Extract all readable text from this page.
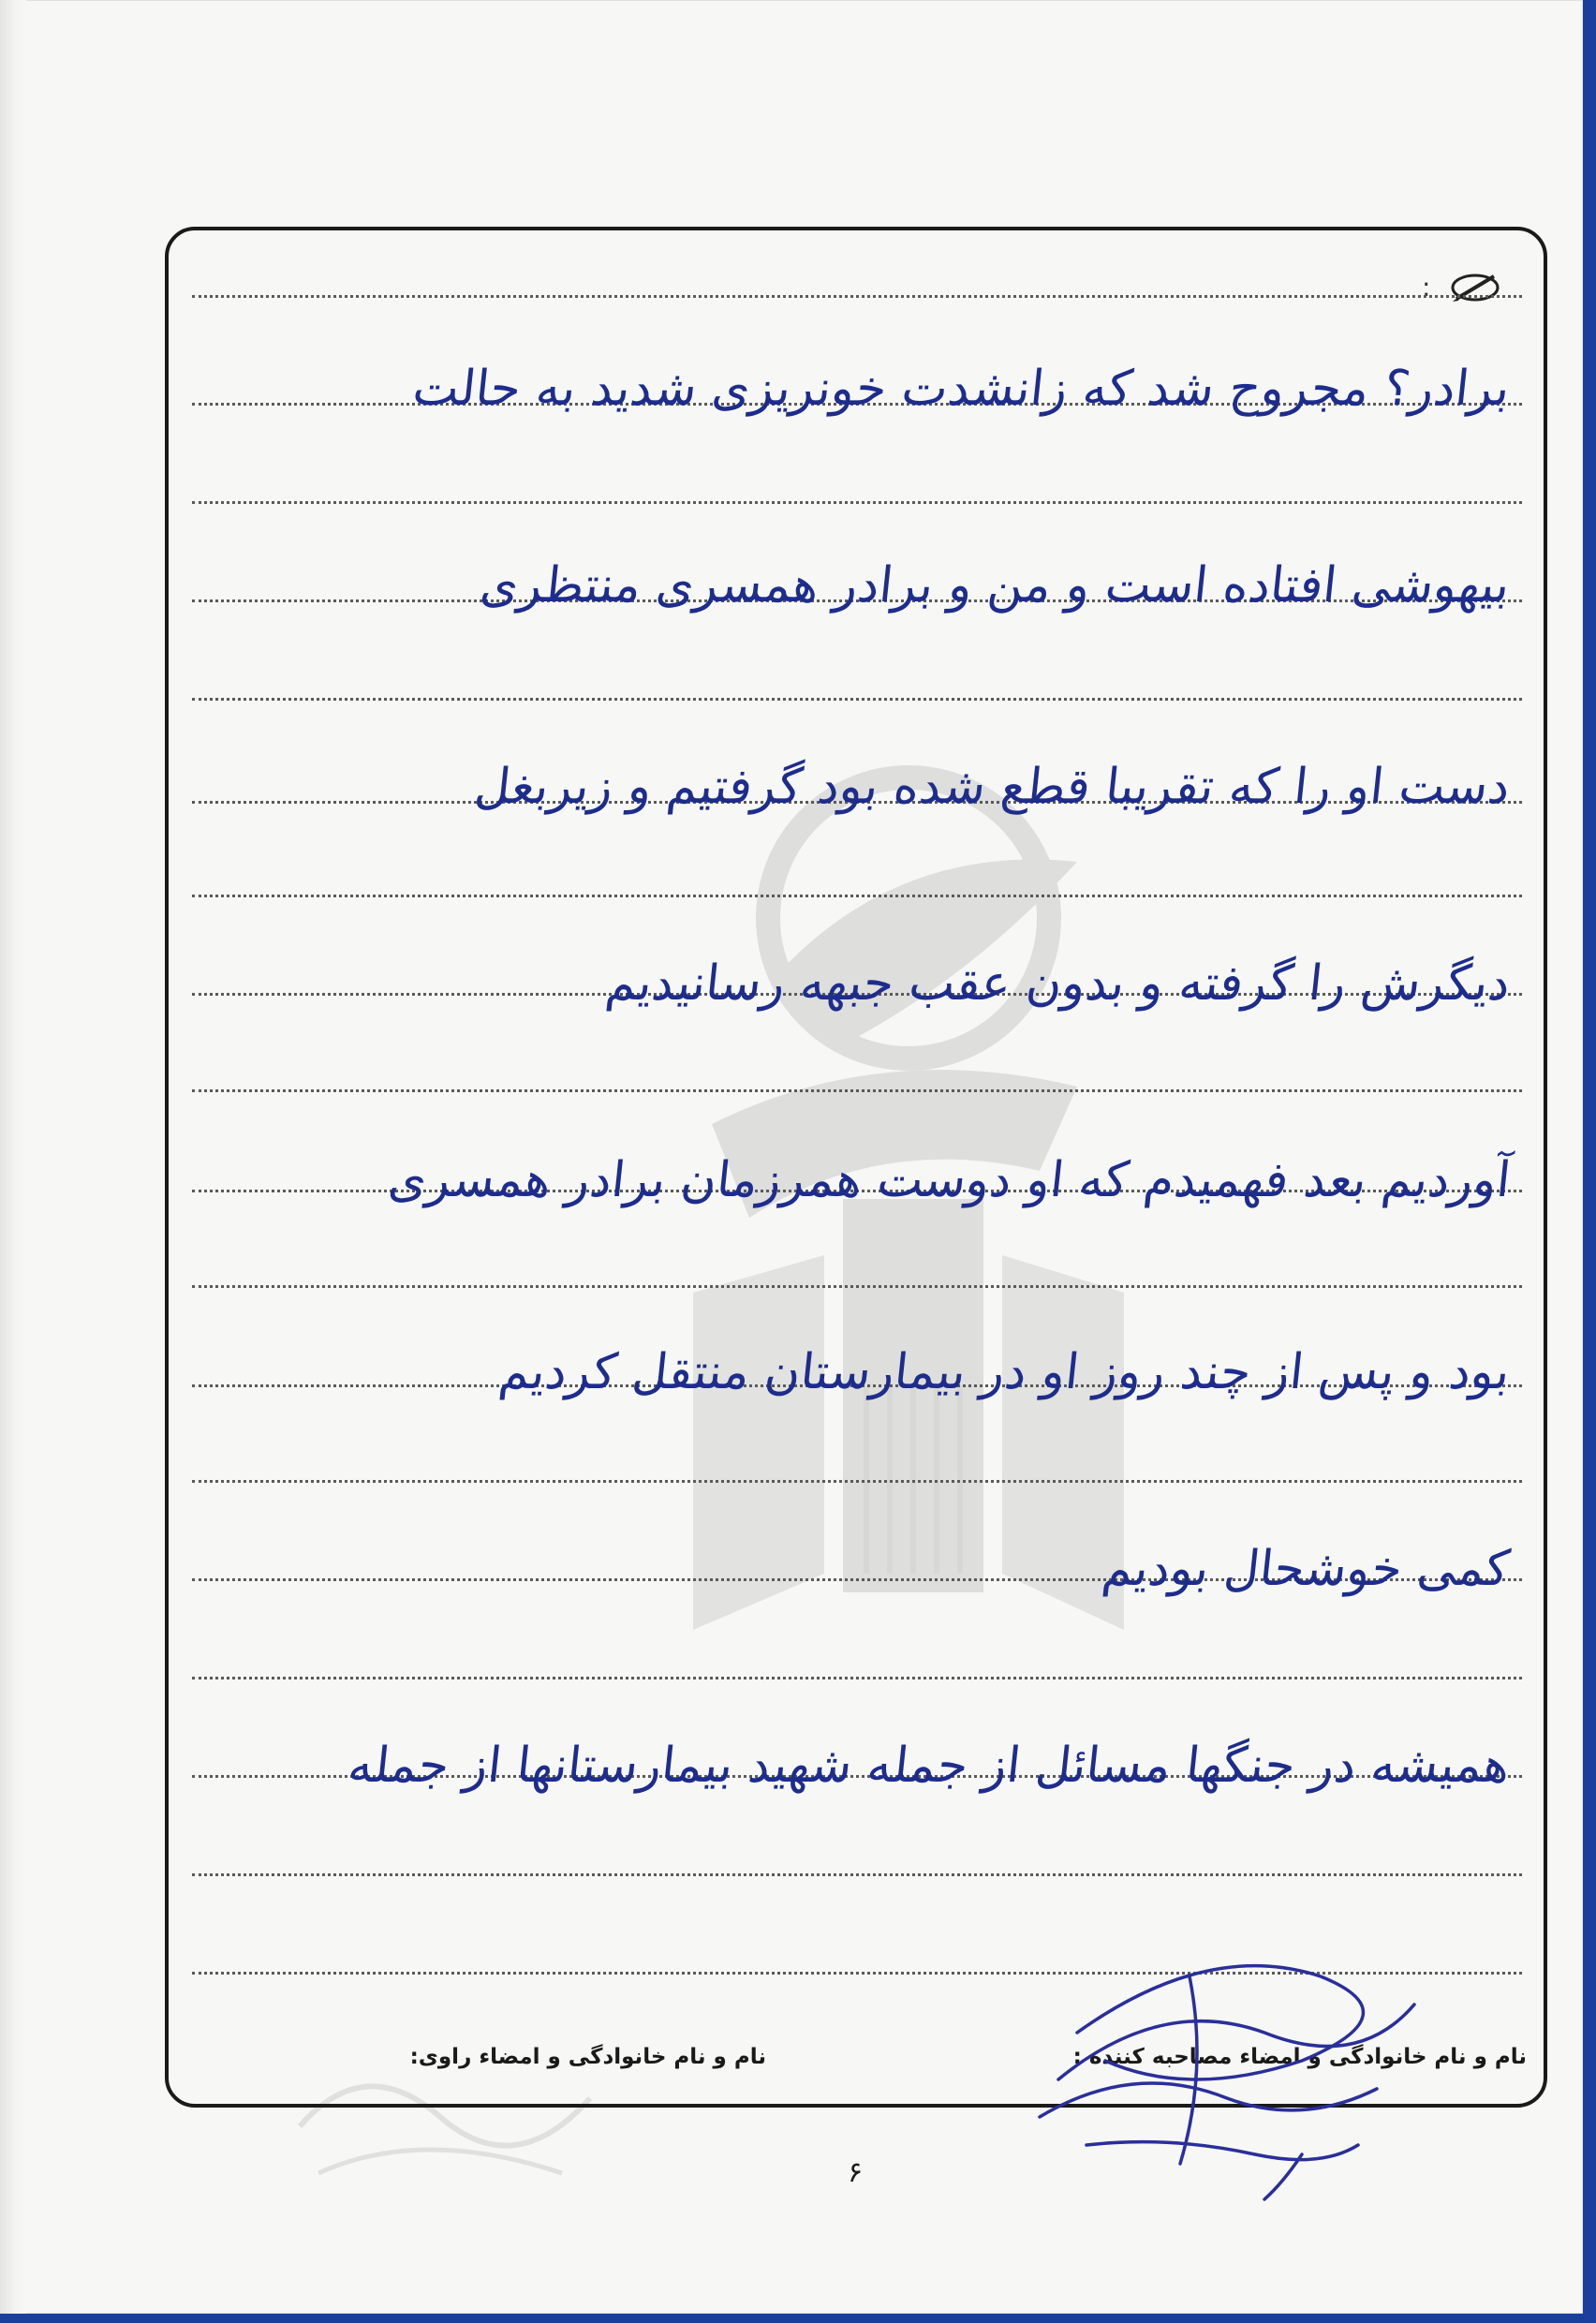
:
برادر؟ مجروح شد که زانشدت خونریزی شدید به حالت
بیهوشی افتاده است و من و برادر همسری منتظری
دست او را که تقریبا قطع شده بود گرفتیم و زیربغل
دیگرش را گرفته و بدون عقب جبهه رسانیدیم
آوردیم بعد فهمیدم که او دوست همرزمان برادر همسری
بود و پس از چند روز او در بیمارستان منتقل کردیم
کمی خوشحال بودیم
همیشه در جنگها مسائل از جمله شهید بیمارستانها از جمله
نام و نام خانوادگی و امضاء مصاحبه کننده :
نام و نام خانوادگی و امضاء راوی:
۶
